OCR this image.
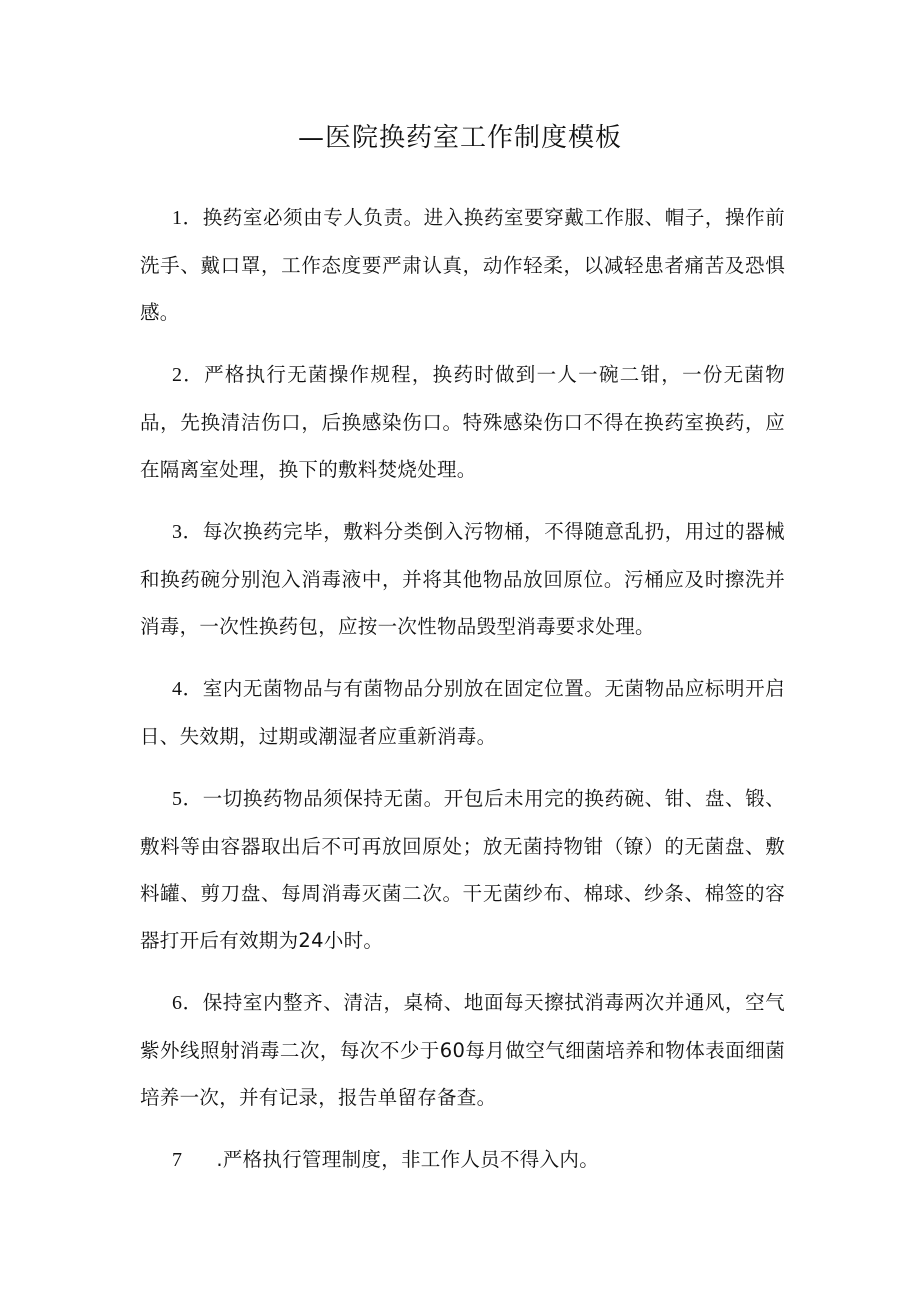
—医院换药室工作制度模板

1．换药室必须由专人负责。进入换药室要穿戴工作服、帽子，操作前洗手、戴口罩，工作态度要严肃认真，动作轻柔，以减轻患者痛苦及恐惧感。

2．严格执行无菌操作规程，换药时做到一人一碗二钳，一份无菌物品，先换清洁伤口，后换感染伤口。特殊感染伤口不得在换药室换药，应在隔离室处理，换下的敷料焚烧处理。

3．每次换药完毕，敷料分类倒入污物桶，不得随意乱扔，用过的器械和换药碗分别泡入消毒液中，并将其他物品放回原位。污桶应及时擦洗并消毒，一次性换药包，应按一次性物品毁型消毒要求处理。

4．室内无菌物品与有菌物品分别放在固定位置。无菌物品应标明开启日、失效期，过期或潮湿者应重新消毒。

5．一切换药物品须保持无菌。开包后未用完的换药碗、钳、盘、锻、敷料等由容器取出后不可再放回原处；放无菌持物钳（镣）的无菌盘、敷料罐、剪刀盘、每周消毒灭菌二次。干无菌纱布、棉球、纱条、棉签的容器打开后有效期为24小时。

6．保持室内整齐、清洁，桌椅、地面每天擦拭消毒两次并通风，空气紫外线照射消毒二次，每次不少于60每月做空气细菌培养和物体表面细菌培养一次，并有记录，报告单留存备查。

7 .严格执行管理制度，非工作人员不得入内。
